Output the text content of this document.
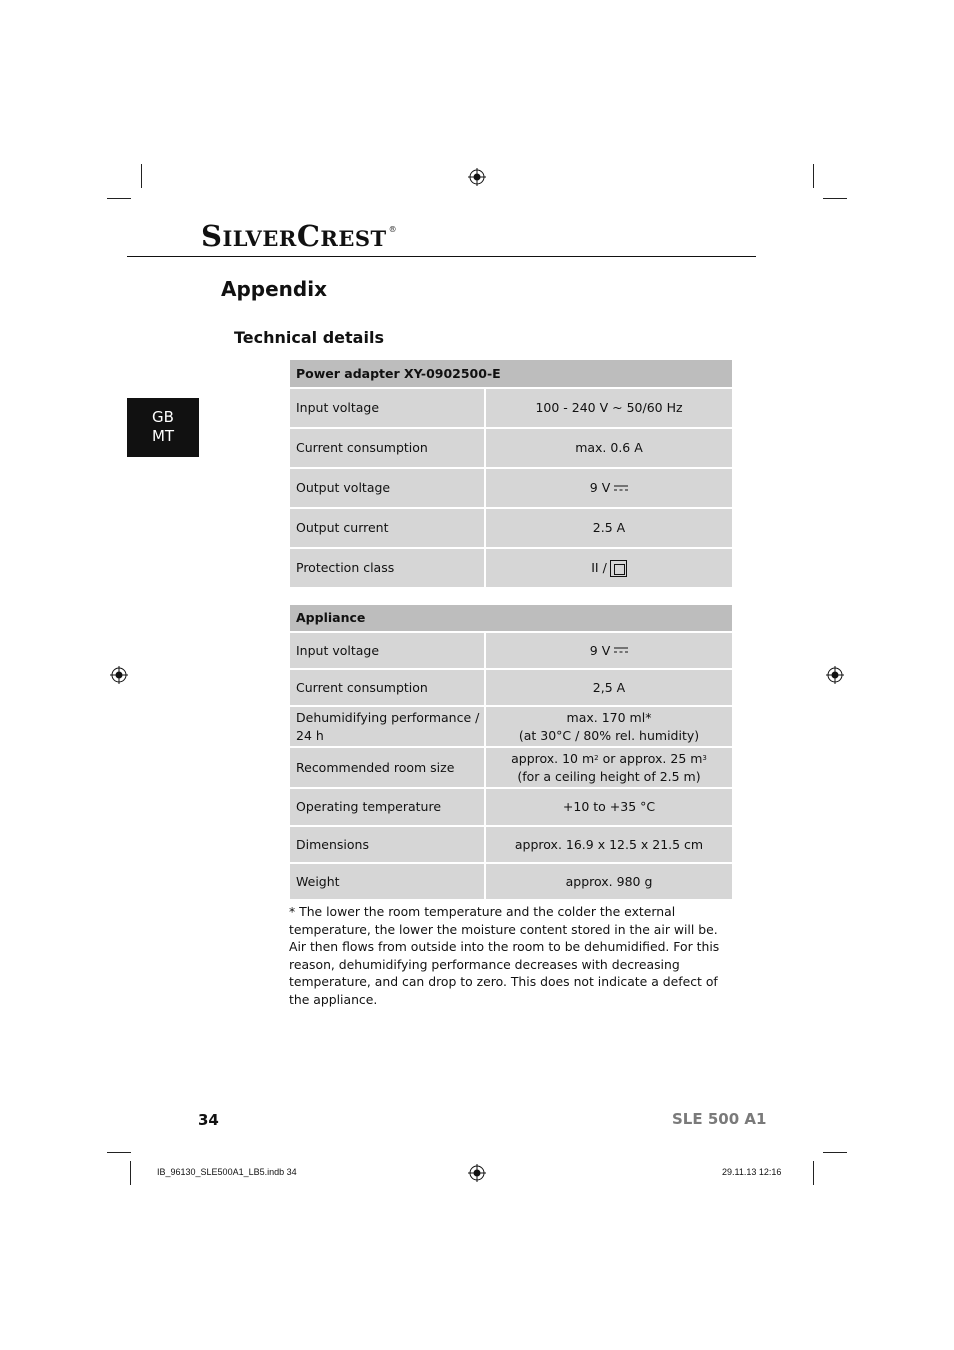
SILVERCREST ®
Appendix
Technical details
GB
MT
Power adapter XY-0902500-E	
Input voltage	100 - 240 V ~ 50/60 Hz
Current consumption	max. 0.6 A
Output voltage	9 V
Output current	2.5 A
Protection class	II /
Appliance	
Input voltage	9 V
Current consumption	2,5 A
Dehumidifying performance / 24 h	max. 170 ml*
(at 30°C / 80% rel. humidity)

Recommended room size	approx. 10 $m^2$ or approx. 25 $m^3$
(for a ceiling height of 2.5 m)

Operating temperature	+10 to +35 °C
Dimensions	approx. 16.9 x 12.5 x 21.5 cm
Weight	approx. 980 g
* The lower the room temperature and the colder the external temperature, the lower the moisture content stored in the air will be. Air then flows from outside into the room to be dehumidified. For this reason, dehumidifying performance decreases with decreasing temperature, and can drop to zero. This does not indicate a defect of the appliance.
34	SLE 500 A1
IB_96130_SLE500A1_LB5.indb 34	29.11.13 12:16
